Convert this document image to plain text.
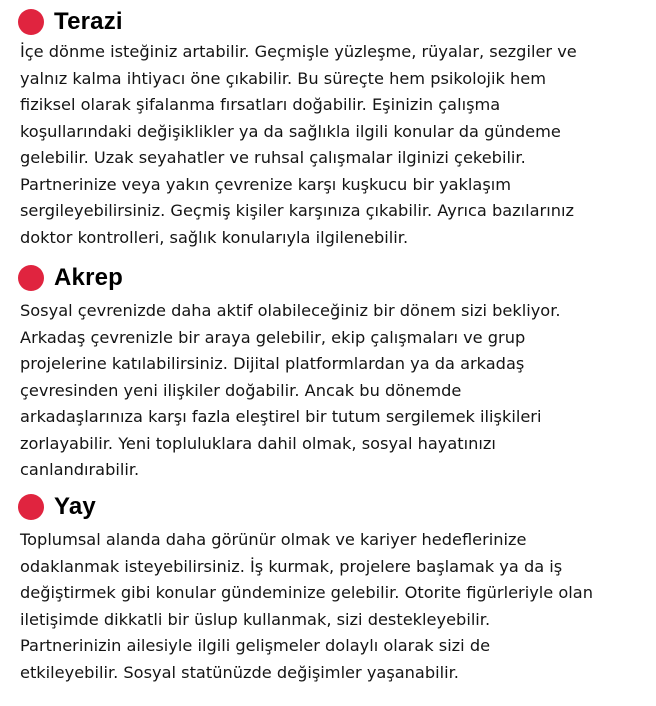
Terazi

İçe dönme isteğiniz artabilir. Geçmişle yüzleşme, rüyalar, sezgiler ve
yalnız kalma ihtiyacı öne çıkabilir. Bu süreçte hem psikolojik hem
fiziksel olarak şifalanma fırsatları doğabilir. Eşinizin çalışma
koşullarındaki değişiklikler ya da sağlıkla ilgili konular da gündeme
gelebilir. Uzak seyahatler ve ruhsal çalışmalar ilginizi çekebilir.
Partnerinize veya yakın çevrenize karşı kuşkucu bir yaklaşım
sergileyebilirsiniz. Geçmiş kişiler karşınıza çıkabilir. Ayrıca bazılarınız
doktor kontrolleri, sağlık konularıyla ilgilenebilir.

Akrep

Sosyal çevrenizde daha aktif olabileceğiniz bir dönem sizi bekliyor.
Arkadaş çevrenizle bir araya gelebilir, ekip çalışmaları ve grup
projelerine katılabilirsiniz. Dijital platformlardan ya da arkadaş
çevresinden yeni ilişkiler doğabilir. Ancak bu dönemde
arkadaşlarınıza karşı fazla eleştirel bir tutum sergilemek ilişkileri
zorlayabilir. Yeni topluluklara dahil olmak, sosyal hayatınızı
canlandırabilir.

Yay

Toplumsal alanda daha görünür olmak ve kariyer hedeflerinize
odaklanmak isteyebilirsiniz. İş kurmak, projelere başlamak ya da iş
değiştirmek gibi konular gündeminize gelebilir. Otorite figürleriyle olan
iletişimde dikkatli bir üslup kullanmak, sizi destekleyebilir.
Partnerinizin ailesiyle ilgili gelişmeler dolaylı olarak sizi de
etkileyebilir. Sosyal statünüzde değişimler yaşanabilir.
